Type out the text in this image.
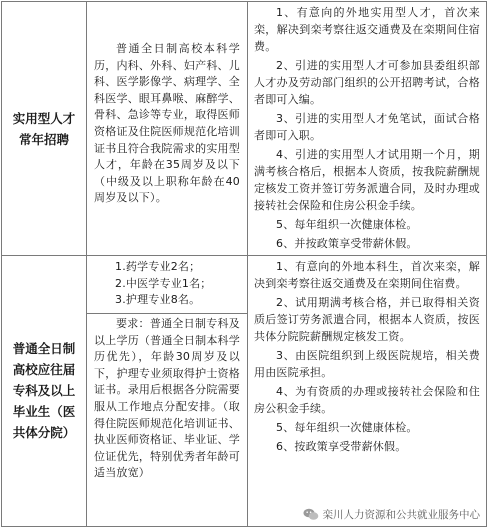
实用型人才常年招聘
普通全日制高校本科学历，内科、外科、妇产科、儿科、医学影像学、病理学、全科医学、眼耳鼻喉、麻醉学、骨科、急诊等专业，取得医师资格证及住院医师规范化培训证书且符合我院需求的实用型人才，年龄在35周岁及以下（中级及以上职称年龄在40周岁及以下）。

1、有意向的外地实用型人才，首次来栾，解决到栾考察往返交通费及在栾期间住宿费。

2、引进的实用型人才可参加县委组织部人才办及劳动部门组织的公开招聘考试，合格者即可入编。

3、引进的实用型人才免笔试，面试合格者即可入职。

4、引进的实用型人才试用期一个月，期满考核合格后，根据本人资质，按我院薪酬规定核发工资并签订劳务派遣合同，及时办理或接转社会保险和住房公积金手续。

5、每年组织一次健康体检。

6、并按政策享受带薪休假。

普通全日制高校应往届专科及以上毕业生（医共体分院）

1.药学专业2名；

2.中医学专业1名；

3.护理专业8名。

要求：普通全日制专科及以上学历（普通全日制本科学历优先），年龄30周岁及以下，护理专业须取得护士资格证书。录用后根据各分院需要服从工作地点分配安排。（取得住院医师规范化培训证书、执业医师资格证、毕业证、学位证优先，特别优秀者年龄可适当放宽）

1、有意向的外地本科生，首次来栾，解决到栾考察往返交通费及在栾期间住宿费。

2、试用期满考核合格，并已取得相关资质后签订劳务派遣合同，根据本人资质，按医共体分院院薪酬规定核发工资。

3、由医院组织到上级医院规培，相关费用由医院承担。

4、为有资质的办理或接转社会保险和住房公积金手续。

5、每年组织一次健康体检。

6、按政策享受带薪休假。

栾川人力资源和公共就业服务中心
